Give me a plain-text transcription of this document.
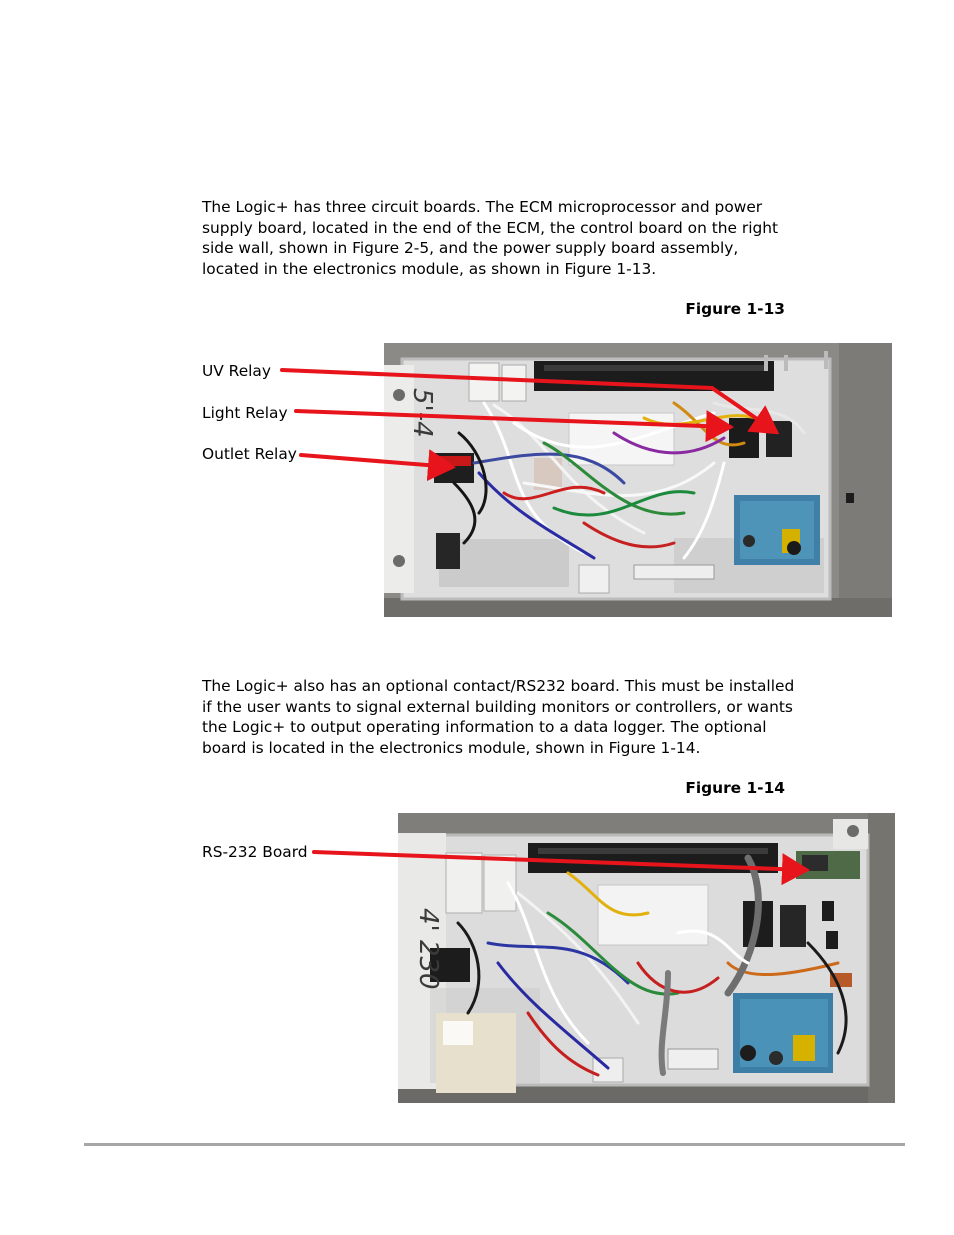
The Logic+ has three circuit boards. The ECM microprocessor and power
supply board, located in the end of the ECM, the control board on the right
side wall, shown in Figure 2-5, and the power supply board assembly,
located in the electronics module, as shown in Figure 1-13.

Figure 1-13
UV Relay
Light Relay
Outlet Relay
5'-4

The Logic+ also has an optional contact/RS232 board. This must be installed
if the user wants to signal external building monitors or controllers, or wants
the Logic+ to output operating information to a data logger. The optional
board is located in the electronics module, shown in Figure 1-14.

Figure 1-14
RS-232 Board
4' 230
